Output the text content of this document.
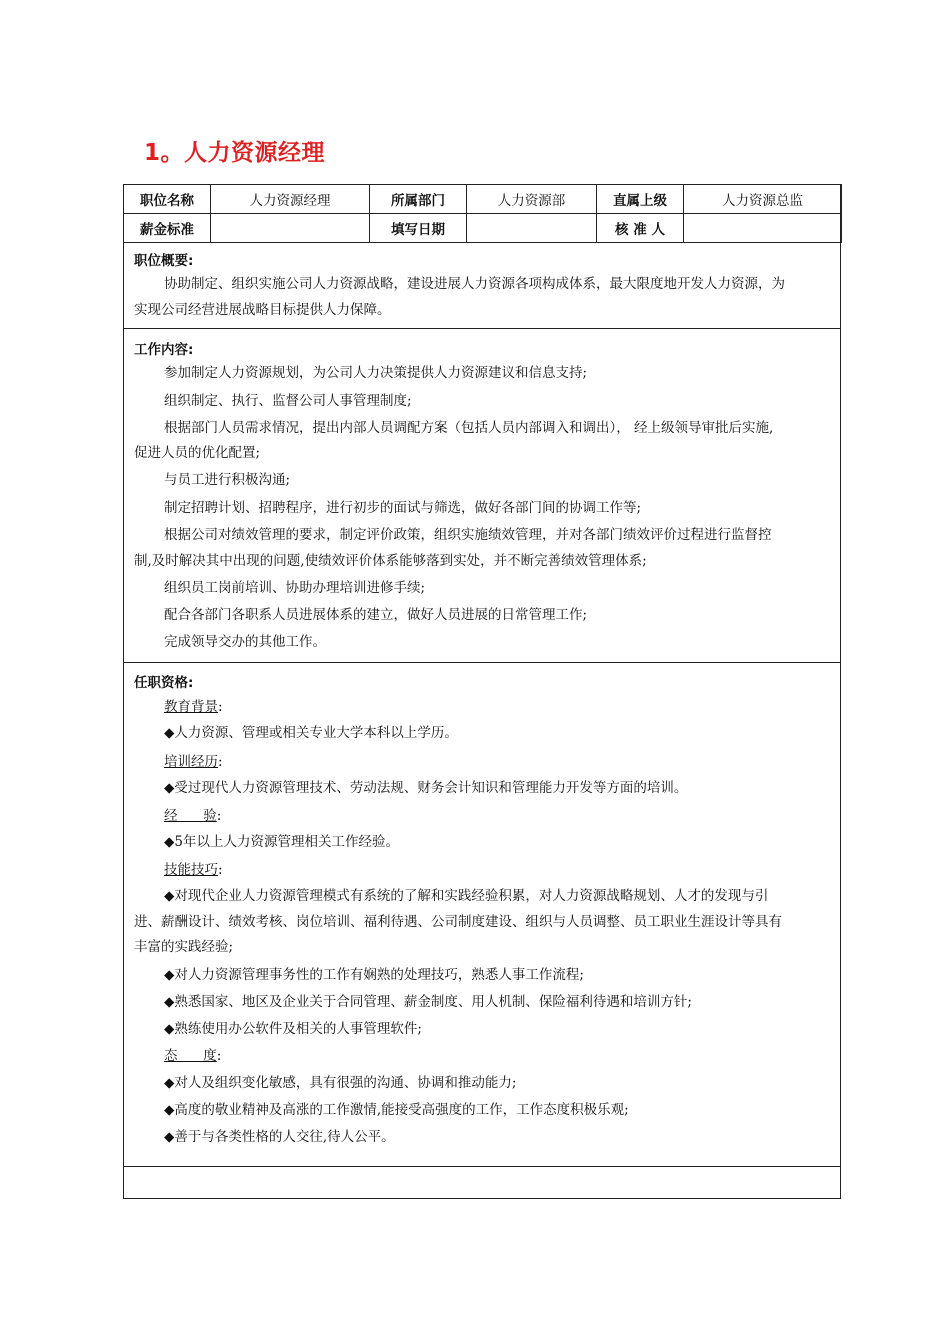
1。人力资源经理
职位名称	人力资源经理	所属部门	人力资源部	直属上级	人力资源总监
薪金标准		填写日期		核 准 人	
职位概要:
协助制定、组织实施公司人力资源战略，建设进展人力资源各项构成体系，最大限度地开发人力资源，为
实现公司经营进展战略目标提供人力保障。
工作内容:
参加制定人力资源规划，为公司人力决策提供人力资源建议和信息支持;
组织制定、执行、监督公司人事管理制度;
根据部门人员需求情况，提出内部人员调配方案（包括人员内部调入和调出）， 经上级领导审批后实施,
促进人员的优化配置;
与员工进行积极沟通;
制定招聘计划、招聘程序，进行初步的面试与筛选，做好各部门间的协调工作等;
根据公司对绩效管理的要求，制定评价政策，组织实施绩效管理，并对各部门绩效评价过程进行监督控
制,及时解决其中出现的问题,使绩效评价体系能够落到实处，并不断完善绩效管理体系;
组织员工岗前培训、协助办理培训进修手续;
配合各部门各职系人员进展体系的建立，做好人员进展的日常管理工作;
完成领导交办的其他工作。
任职资格:
教育背景:
◆人力资源、管理或相关专业大学本科以上学历。
培训经历:
◆受过现代人力资源管理技术、劳动法规、财务会计知识和管理能力开发等方面的培训。
经      验:
◆5年以上人力资源管理相关工作经验。
技能技巧:
◆对现代企业人力资源管理模式有系统的了解和实践经验积累，对人力资源战略规划、人才的发现与引
进、薪酬设计、绩效考核、岗位培训、福利待遇、公司制度建设、组织与人员调整、员工职业生涯设计等具有
丰富的实践经验;
◆对人力资源管理事务性的工作有娴熟的处理技巧，熟悉人事工作流程;
◆熟悉国家、地区及企业关于合同管理、薪金制度、用人机制、保险福利待遇和培训方针;
◆熟练使用办公软件及相关的人事管理软件;
态      度:
◆对人及组织变化敏感，具有很强的沟通、协调和推动能力;
◆高度的敬业精神及高涨的工作激情,能接受高强度的工作，工作态度积极乐观;
◆善于与各类性格的人交往,待人公平。
